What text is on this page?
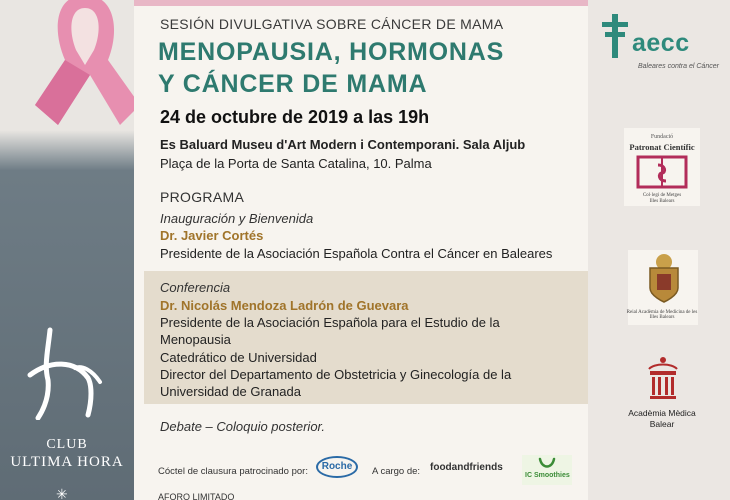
CLUB
ULTIMA HORA
✳
SESIÓN DIVULGATIVA SOBRE CÁNCER DE MAMA
MENOPAUSIA, HORMONAS
Y CÁNCER DE MAMA
24 de octubre de 2019 a las 19h
Es Baluard Museu d'Art Modern i Contemporani. Sala Aljub
Plaça de la Porta de Santa Catalina, 10. Palma
PROGRAMA
Inauguración y Bienvenida
Dr. Javier Cortés
Presidente de la Asociación Española Contra el Cáncer en Baleares
Conferencia
Dr. Nicolás Mendoza Ladrón de Guevara
Presidente de la Asociación Española para el Estudio de la
Menopausia
Catedrático de Universidad
Director del Departamento de Obstetricia y Ginecología de la
Universidad de Granada
Debate – Coloquio posterior.
Cóctel de clausura patrocinado por:	Roche	A cargo de: foodandfriends
IC Smoothies
AFORO LIMITADO
aecc
Baleares contra el Cáncer
Fundació
Patronat Científic
Col·legi de Metges
Illes Balears
Reial Acadèmia de Medicina de les Illes Balears
Acadèmia Mèdica
Balear
